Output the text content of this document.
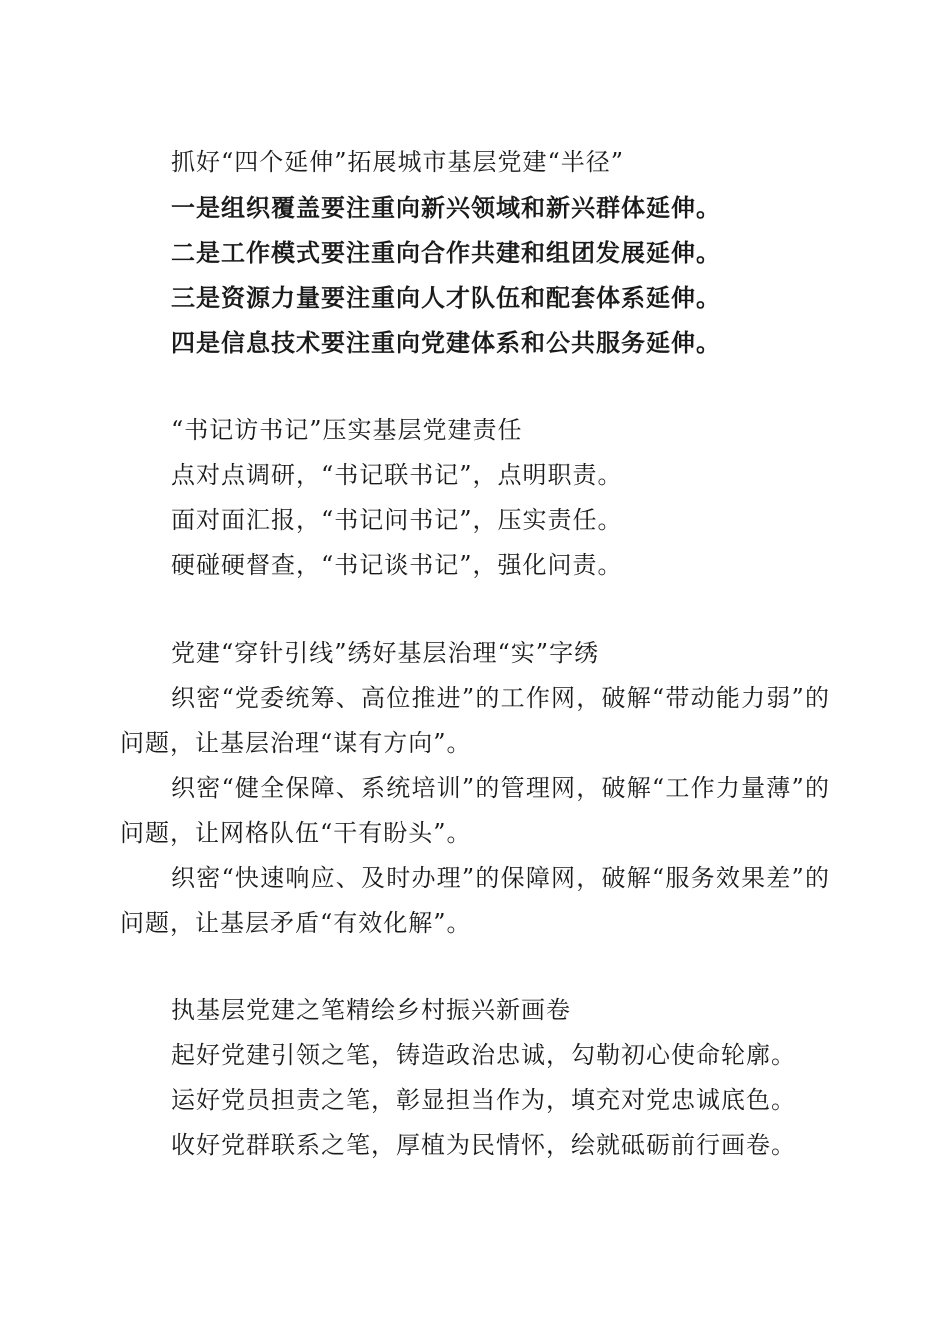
抓好“四个延伸”拓展城市基层党建“半径”
一是组织覆盖要注重向新兴领域和新兴群体延伸。
二是工作模式要注重向合作共建和组团发展延伸。
三是资源力量要注重向人才队伍和配套体系延伸。
四是信息技术要注重向党建体系和公共服务延伸。
“书记访书记”压实基层党建责任
点对点调研，“书记联书记”，点明职责。
面对面汇报，“书记问书记”，压实责任。
硬碰硬督查，“书记谈书记”，强化问责。
党建“穿针引线”绣好基层治理“实”字绣
织密“党委统筹、高位推进”的工作网，破解“带动能力弱”的问题，让基层治理“谋有方向”。
织密“健全保障、系统培训”的管理网，破解“工作力量薄”的问题，让网格队伍“干有盼头”。
织密“快速响应、及时办理”的保障网，破解“服务效果差”的问题，让基层矛盾“有效化解”。
执基层党建之笔精绘乡村振兴新画卷
起好党建引领之笔，铸造政治忠诚，勾勒初心使命轮廓。
运好党员担责之笔，彰显担当作为，填充对党忠诚底色。
收好党群联系之笔，厚植为民情怀，绘就砥砺前行画卷。
